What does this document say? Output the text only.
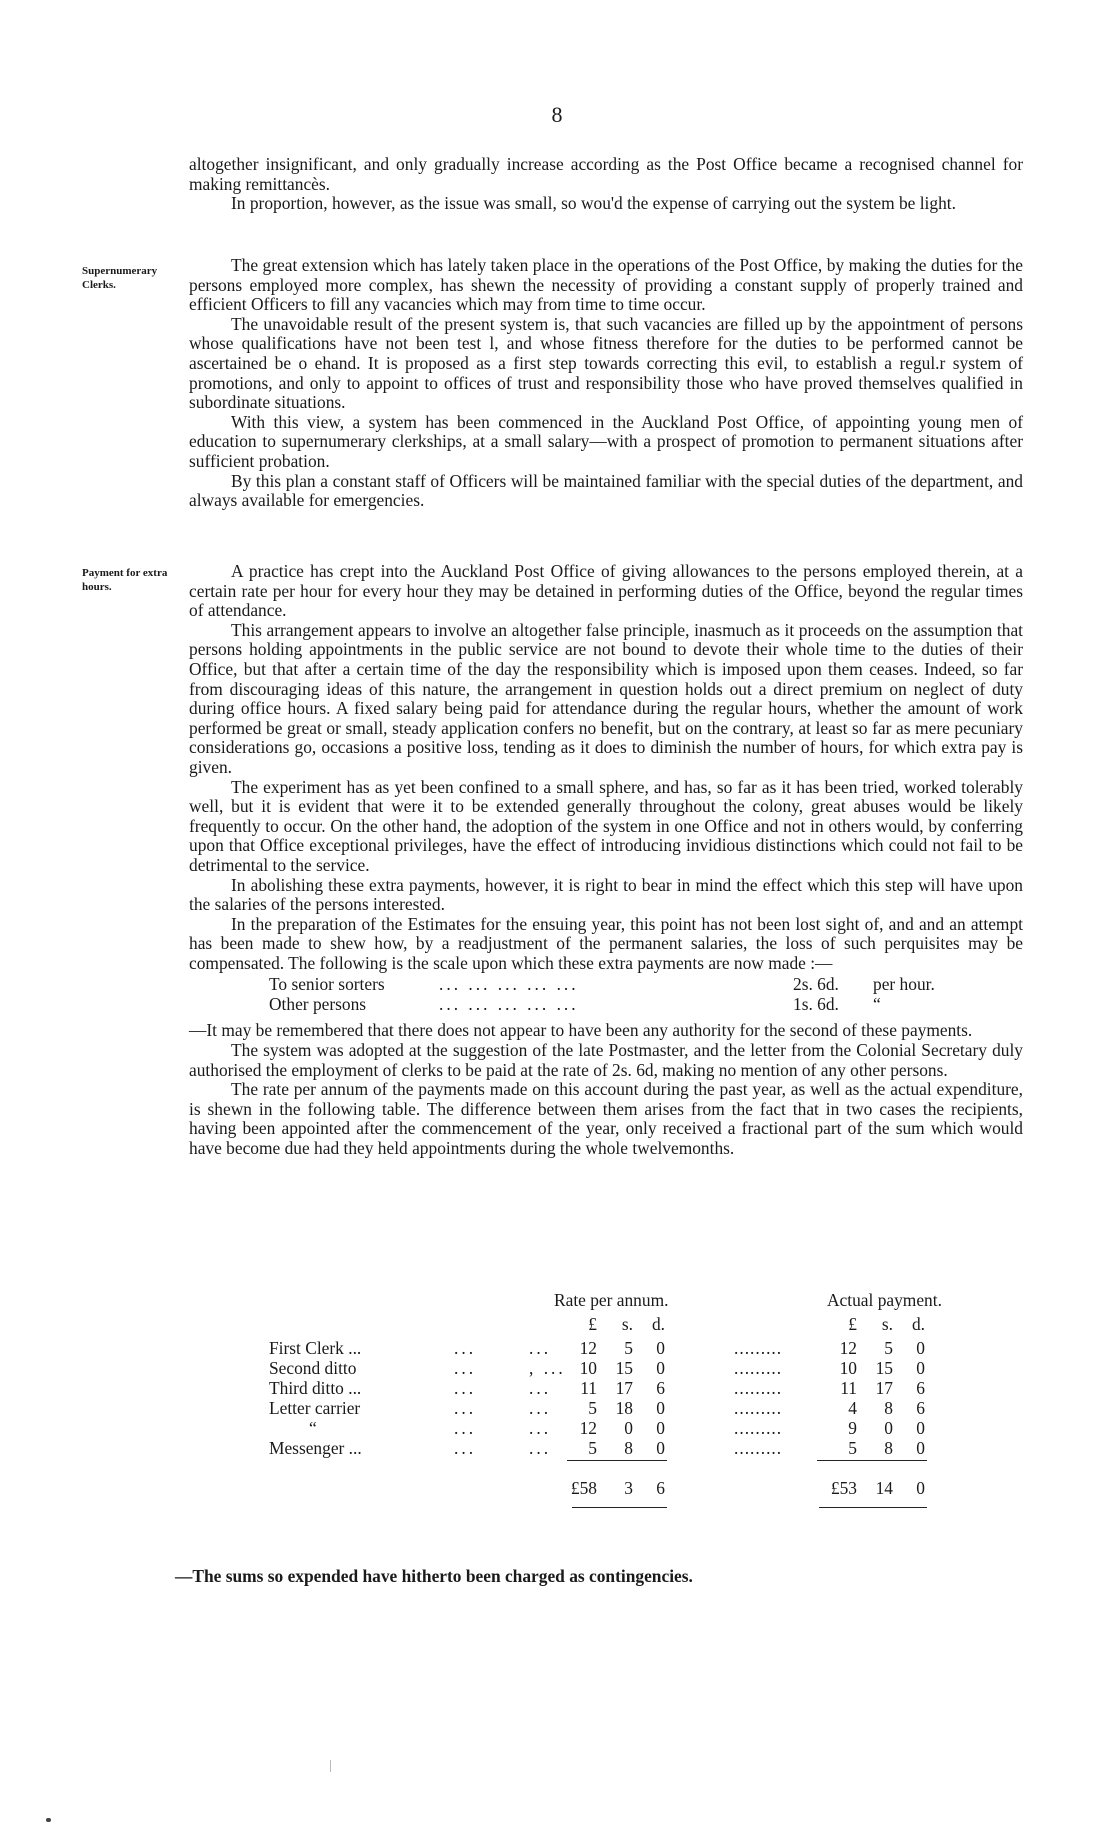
8

altogether insignificant, and only gradually increase according as the Post Office became a recognised channel for making remittancès.

In proportion, however, as the issue was small, so wou'd the expense of carrying out the system be light.

Supernumerary Clerks.

The great extension which has lately taken place in the operations of the Post Office, by making the duties for the persons employed more complex, has shewn the necessity of providing a constant supply of properly trained and efficient Officers to fill any vacancies which may from time to time occur.

The unavoidable result of the present system is, that such vacancies are filled up by the appointment of persons whose qualifications have not been test l, and whose fitness therefore for the duties to be performed cannot be ascertained be o ehand. It is proposed as a first step towards correcting this evil, to establish a regul.r system of promotions, and only to appoint to offices of trust and responsibility those who have proved themselves qualified in subordinate situations.

With this view, a system has been commenced in the Auckland Post Office, of appointing young men of education to supernumerary clerkships, at a small salary—with a prospect of promotion to permanent situations after sufficient probation.

By this plan a constant staff of Officers will be maintained familiar with the special duties of the department, and always available for emergencies.

Payment for extra hours.

A practice has crept into the Auckland Post Office of giving allowances to the persons employed therein, at a certain rate per hour for every hour they may be detained in performing duties of the Office, beyond the regular times of attendance.

This arrangement appears to involve an altogether false principle, inasmuch as it proceeds on the assumption that persons holding appointments in the public service are not bound to devote their whole time to the duties of their Office, but that after a certain time of the day the responsibility which is imposed upon them ceases. Indeed, so far from discouraging ideas of this nature, the arrangement in question holds out a direct premium on neglect of duty during office hours. A fixed salary being paid for attendance during the regular hours, whether the amount of work performed be great or small, steady application confers no benefit, but on the contrary, at least so far as mere pecuniary considerations go, occasions a positive loss, tending as it does to diminish the number of hours, for which extra pay is given.

The experiment has as yet been confined to a small sphere, and has, so far as it has been tried, worked tolerably well, but it is evident that were it to be extended generally throughout the colony, great abuses would be likely frequently to occur. On the other hand, the adoption of the system in one Office and not in others would, by conferring upon that Office exceptional privileges, have the effect of introducing invidious distinctions which could not fail to be detrimental to the service.

In abolishing these extra payments, however, it is right to bear in mind the effect which this step will have upon the salaries of the persons interested.

In the preparation of the Estimates for the ensuing year, this point has not been lost sight of, and and an attempt has been made to shew how, by a readjustment of the permanent salaries, the loss of such perquisites may be compensated. The following is the scale upon which these extra payments are now made :—

To senior sorters	... ... ... ... ...	2s. 6d.	per hour.
Other persons	... ... ... ... ...	1s. 6d.	“

—It may be remembered that there does not appear to have been any authority for the second of these payments.

The system was adopted at the suggestion of the late Postmaster, and the letter from the Colonial Secretary duly authorised the employment of clerks to be paid at the rate of 2s. 6d, making no mention of any other persons.

The rate per annum of the payments made on this account during the past year, as well as the actual expenditure, is shewn in the following table. The difference between them arises from the fact that in two cases the recipients, having been appointed after the commencement of the year, only received a fractional part of the sum which would have become due had they held appointments during the whole twelvemonths.

Rate per annum.	Actual payment.
£	s.	d.	£	s.	d.
First Clerk ...	...	...	12	5	0	.........	12	5	0
Second ditto	...	, ... 10	15	0	.........	10	15	0
Third ditto ...	...	...	11	17	6	.........	11	17	6
Letter carrier	...	...	5	18	0	.........	4	8	6
“	...	...	12	0	0	.........	9	0	0
Messenger ...	...	...	5	8	0	.........	5	8	0
£58	3	6	£53	14	0
—The sums so expended have hitherto been charged as contingencies.
